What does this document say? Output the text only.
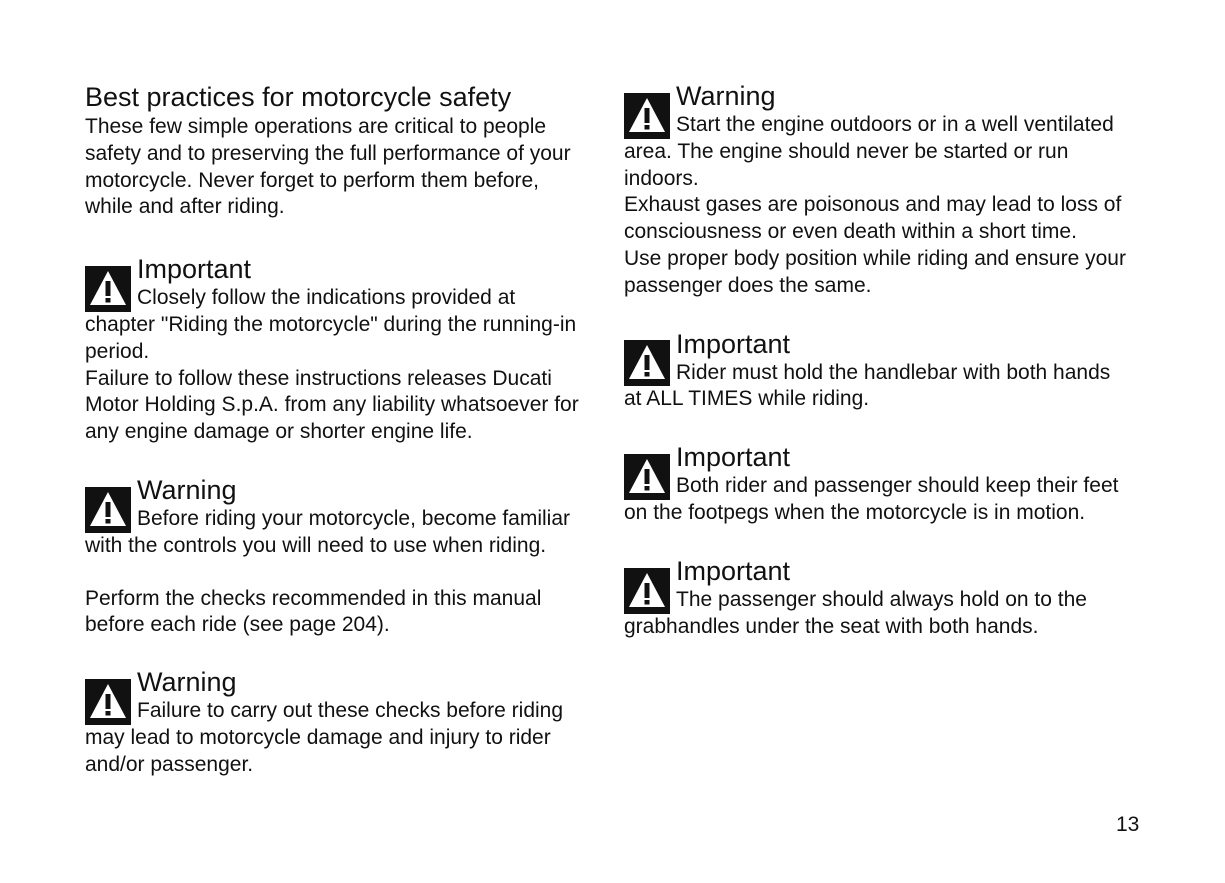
Best practices for motorcycle safety

These few simple operations are critical to people

safety and to preserving the full performance of your

motorcycle. Never forget to perform them before,

while and after riding.

Important
Closely follow the indications provided at

chapter "Riding the motorcycle" during the running-in

period.

Failure to follow these instructions releases Ducati

Motor Holding S.p.A. from any liability whatsoever for

any engine damage or shorter engine life.

Warning
Before riding your motorcycle, become familiar

with the controls you will need to use when riding.

Perform the checks recommended in this manual

before each ride (see page 204).

Warning
Failure to carry out these checks before riding

may lead to motorcycle damage and injury to rider

and/or passenger.

Warning
Start the engine outdoors or in a well ventilated

area. The engine should never be started or run

indoors.

Exhaust gases are poisonous and may lead to loss of

consciousness or even death within a short time.

Use proper body position while riding and ensure your

passenger does the same.

Important
Rider must hold the handlebar with both hands

at ALL TIMES while riding.

Important
Both rider and passenger should keep their feet

on the footpegs when the motorcycle is in motion.

Important
The passenger should always hold on to the

grabhandles under the seat with both hands.

13
